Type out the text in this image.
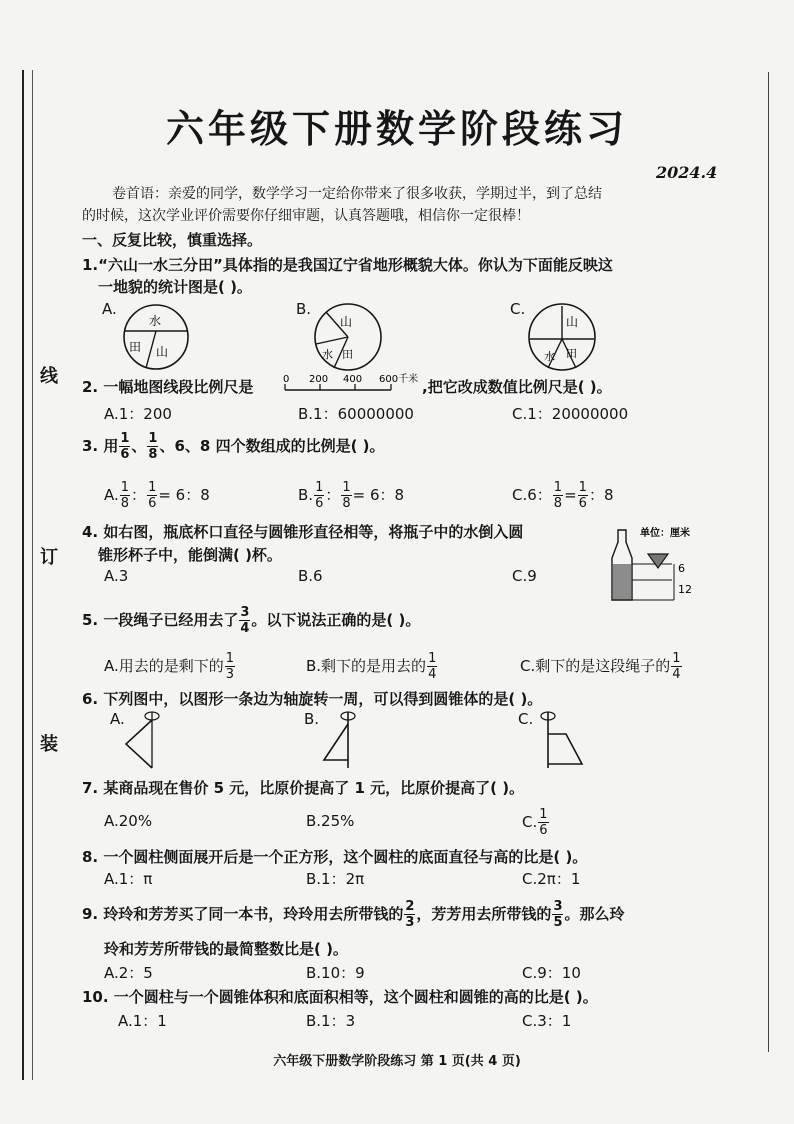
线
订
装
六年级下册数学阶段练习
2024.4
卷首语：亲爱的同学，数学学习一定给你带来了很多收获，学期过半，到了总结
的时候，这次学业评价需要你仔细审题，认真答题哦，相信你一定很棒！
一、反复比较，慎重选择。
1.“六山一水三分田”具体指的是我国辽宁省地形概貌大体。你认为下面能反映这
一地貌的统计图是( )。
A.	B.	C.
水
田 山
山
水 田
山
水 田
2. 一幅地图线段比例尺是	0 200 400 600千米 ,把它改成数值比例尺是( )。
A.1：200	B.1：60000000	C.1：20000000
3. 用 $\frac{1}{6}$ 、 $\frac{1}{8}$ 、6、8 四个数组成的比例是( )。
A. $\frac{1}{8}$ ： $\frac{1}{6} = 6$：8	B. $\frac{1}{6}$ ： $\frac{1}{8} = 6$：8	C.6： $\frac{1}{8} = \frac{1}{6}$ ：8
4. 如右图，瓶底杯口直径与圆锥形直径相等，将瓶子中的水倒入圆
锥形杯子中，能倒满( )杯。
A.3	B.6	C.9
单位：厘米
6
12
5. 一段绳子已经用去了 $\frac{3}{4}$ 。以下说法正确的是( )。
A.用去的是剩下的 $\frac{1}{3}$	B.剩下的是用去的 $\frac{1}{4}$	C.剩下的是这段绳子的 $\frac{1}{4}$
6. 下列图中，以图形一条边为轴旋转一周，可以得到圆锥体的是( )。
A.	B.	C.
7. 某商品现在售价 5 元，比原价提高了 1 元，比原价提高了( )。
A.20%	B.25%	C. $\frac{1}{6}$
8. 一个圆柱侧面展开后是一个正方形，这个圆柱的底面直径与高的比是( )。
A.1：π	B.1：2π	C.2π：1
9. 玲玲和芳芳买了同一本书，玲玲用去所带钱的 $\frac{2}{3}$ ，芳芳用去所带钱的 $\frac{3}{5}$ 。那么玲
玲和芳芳所带钱的最简整数比是( )。
A.2：5	B.10：9	C.9：10
10. 一个圆柱与一个圆锥体积和底面积相等，这个圆柱和圆锥的高的比是( )。
A.1：1	B.1：3	C.3：1
六年级下册数学阶段练习 第 1 页(共 4 页)
